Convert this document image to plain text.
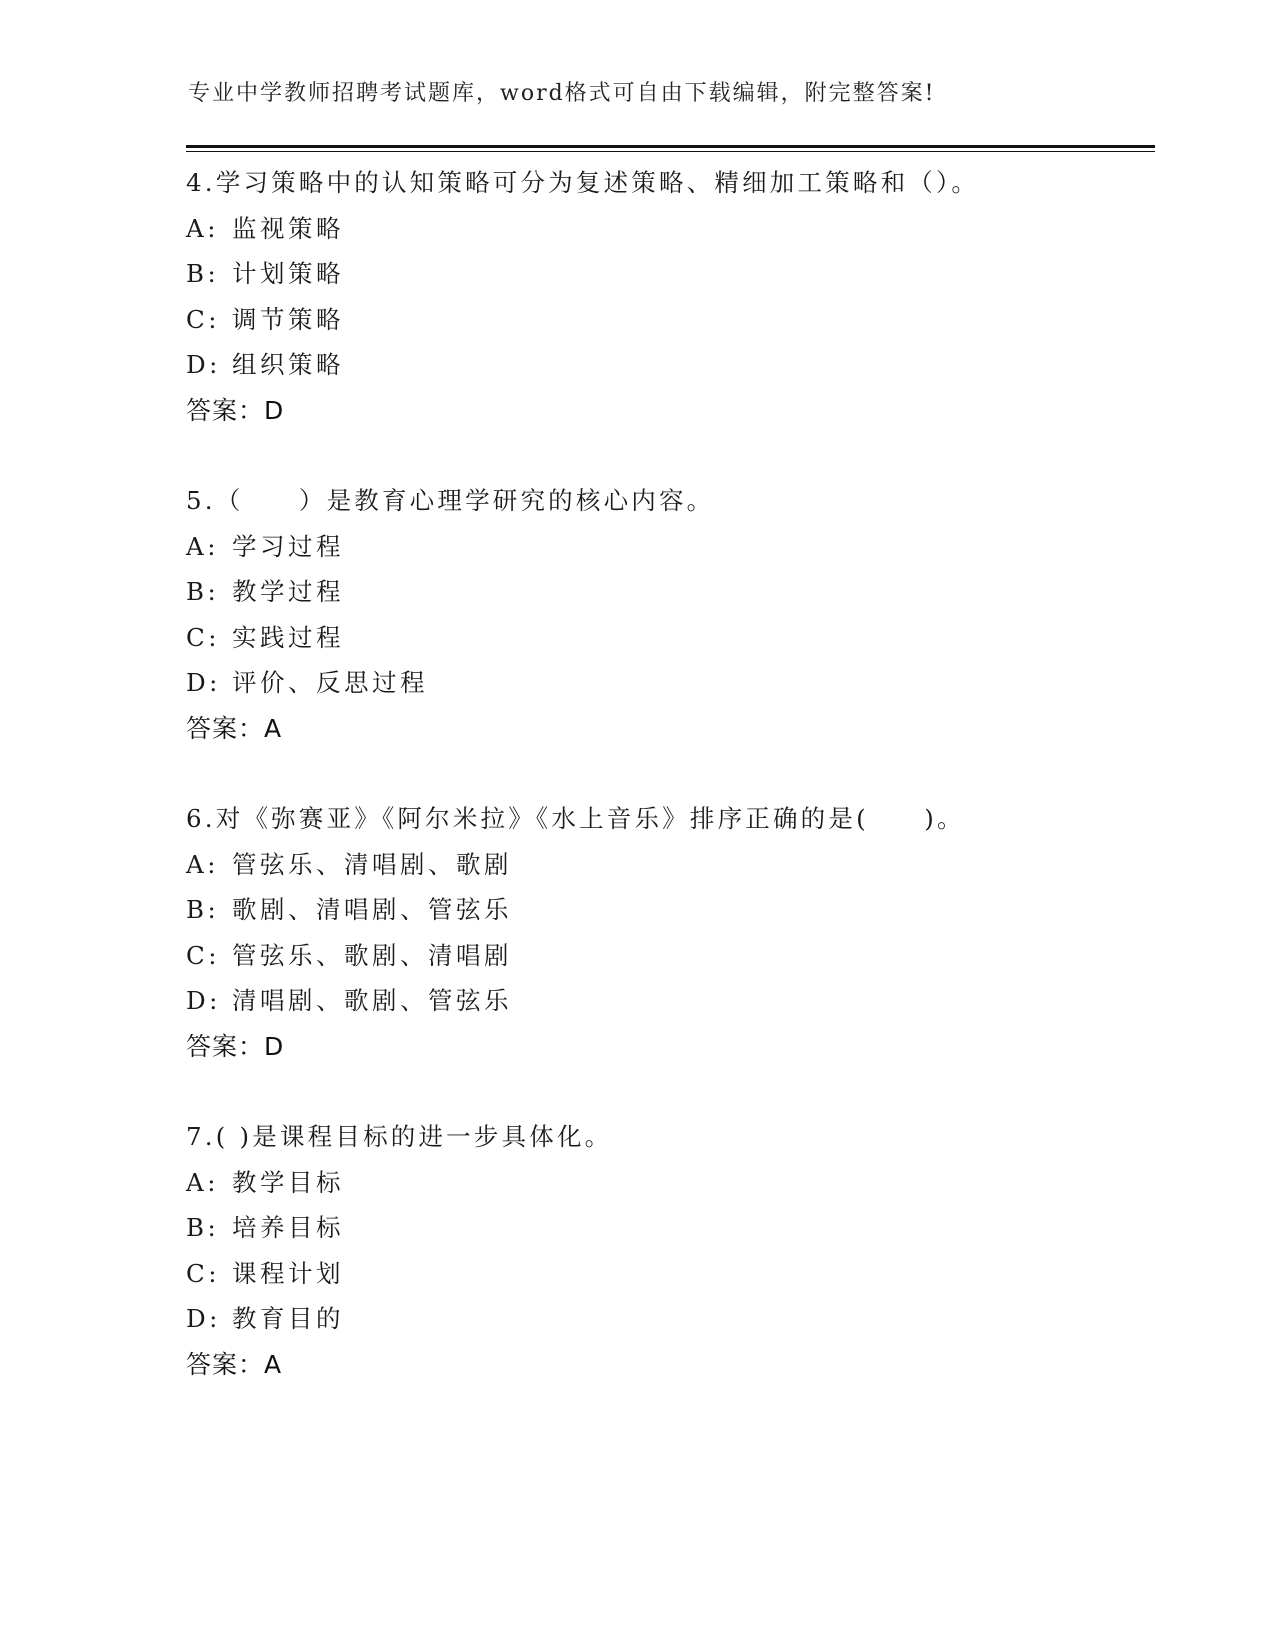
专业中学教师招聘考试题库，word格式可自由下载编辑，附完整答案!
4.学习策略中的认知策略可分为复述策略、精细加工策略和（）。
A: 监视策略
B: 计划策略
C: 调节策略
D: 组织策略
答案：D
5.（　　）是教育心理学研究的核心内容。
A: 学习过程
B: 教学过程
C: 实践过程
D: 评价、反思过程
答案：A
6.对《弥赛亚》《阿尔米拉》《水上音乐》排序正确的是(　　)。
A: 管弦乐、清唱剧、歌剧
B: 歌剧、清唱剧、管弦乐
C: 管弦乐、歌剧、清唱剧
D: 清唱剧、歌剧、管弦乐
答案：D
7.( )是课程目标的进一步具体化。
A: 教学目标
B: 培养目标
C: 课程计划
D: 教育目的
答案：A
